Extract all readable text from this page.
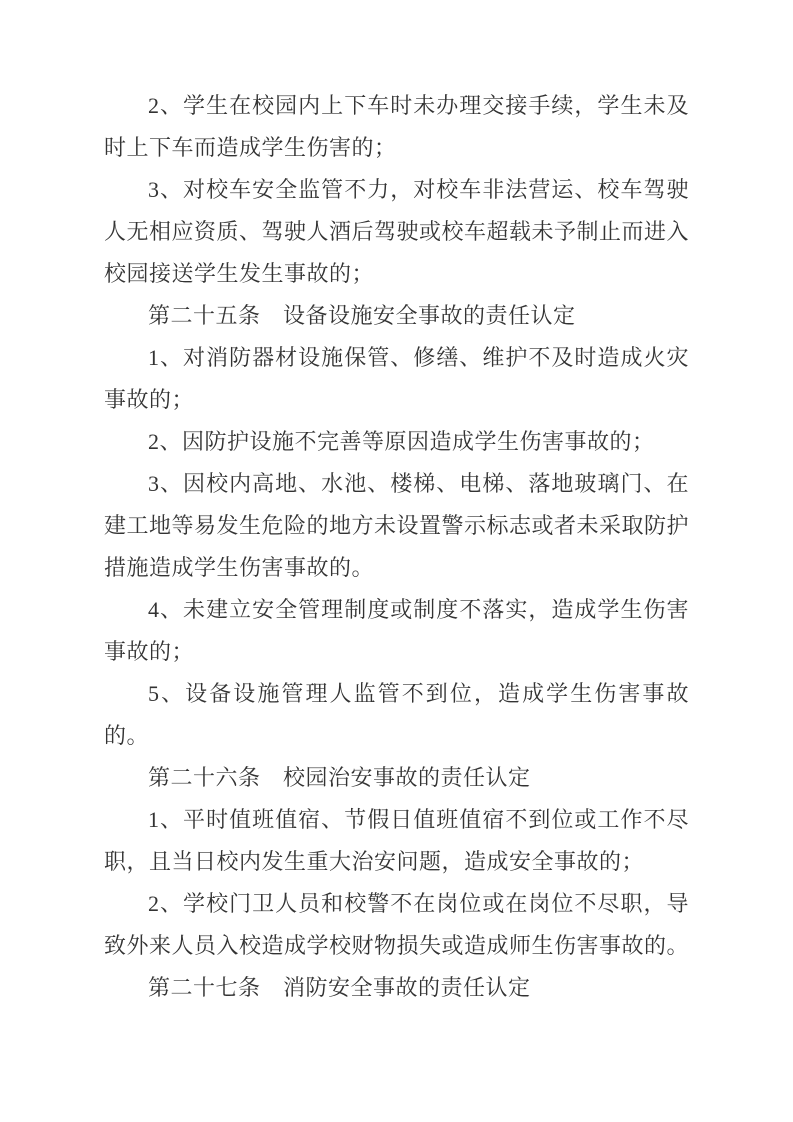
2、学生在校园内上下车时未办理交接手续，学生未及时上下车而造成学生伤害的；

3、对校车安全监管不力，对校车非法营运、校车驾驶人无相应资质、驾驶人酒后驾驶或校车超载未予制止而进入校园接送学生发生事故的；

第二十五条　设备设施安全事故的责任认定

1、对消防器材设施保管、修缮、维护不及时造成火灾事故的；

2、因防护设施不完善等原因造成学生伤害事故的；

3、因校内高地、水池、楼梯、电梯、落地玻璃门、在建工地等易发生危险的地方未设置警示标志或者未采取防护措施造成学生伤害事故的。

4、未建立安全管理制度或制度不落实，造成学生伤害事故的；

5、设备设施管理人监管不到位，造成学生伤害事故的。

第二十六条　校园治安事故的责任认定

1、平时值班值宿、节假日值班值宿不到位或工作不尽职，且当日校内发生重大治安问题，造成安全事故的；

2、学校门卫人员和校警不在岗位或在岗位不尽职，导致外来人员入校造成学校财物损失或造成师生伤害事故的。

第二十七条　消防安全事故的责任认定
